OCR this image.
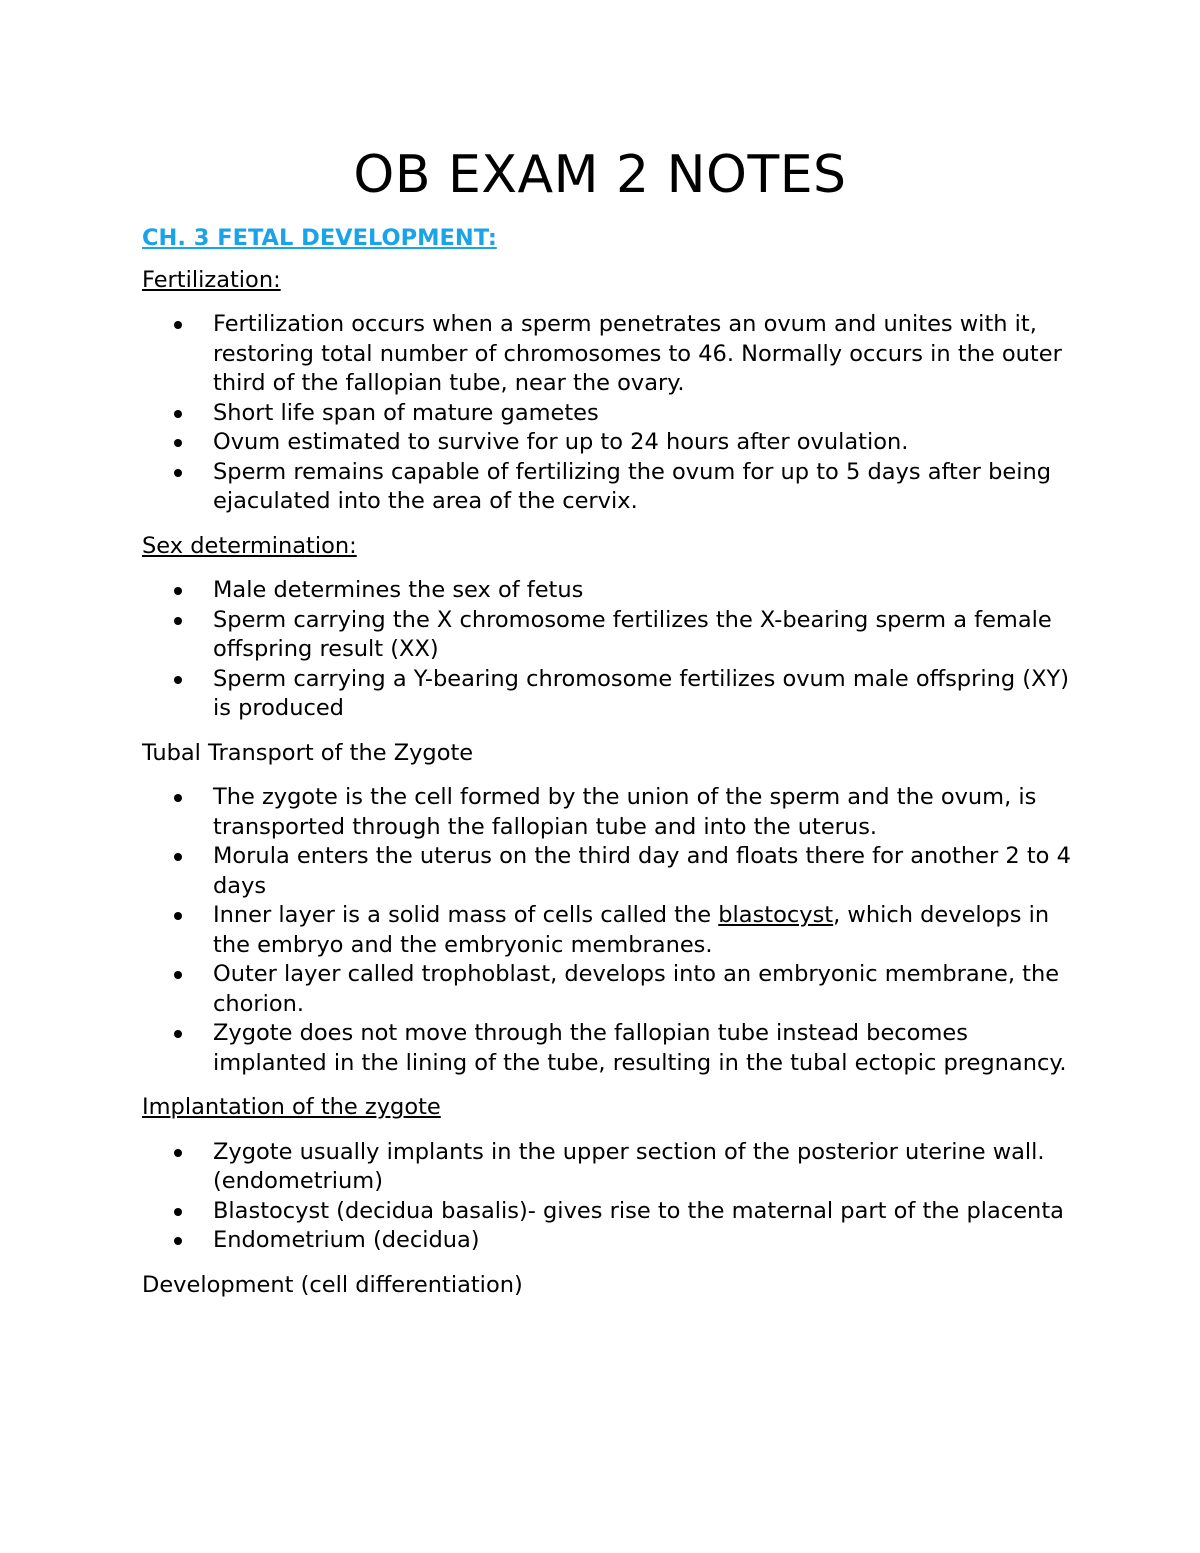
OB EXAM 2 NOTES
CH. 3 FETAL DEVELOPMENT:
Fertilization:
Fertilization occurs when a sperm penetrates an ovum and unites with it, restoring total number of chromosomes to 46. Normally occurs in the outer third of the fallopian tube, near the ovary.
Short life span of mature gametes
Ovum estimated to survive for up to 24 hours after ovulation.
Sperm remains capable of fertilizing the ovum for up to 5 days after being ejaculated into the area of the cervix.
Sex determination:
Male determines the sex of fetus
Sperm carrying the X chromosome fertilizes the X-bearing sperm a female offspring result (XX)
Sperm carrying a Y-bearing chromosome fertilizes ovum male offspring (XY) is produced
Tubal Transport of the Zygote
The zygote is the cell formed by the union of the sperm and the ovum, is transported through the fallopian tube and into the uterus.
Morula enters the uterus on the third day and floats there for another 2 to 4 days
Inner layer is a solid mass of cells called the blastocyst, which develops in the embryo and the embryonic membranes.
Outer layer called trophoblast, develops into an embryonic membrane, the chorion.
Zygote does not move through the fallopian tube instead becomes implanted in the lining of the tube, resulting in the tubal ectopic pregnancy.
Implantation of the zygote
Zygote usually implants in the upper section of the posterior uterine wall. (endometrium)
Blastocyst (decidua basalis)- gives rise to the maternal part of the placenta
Endometrium (decidua)
Development (cell differentiation)
